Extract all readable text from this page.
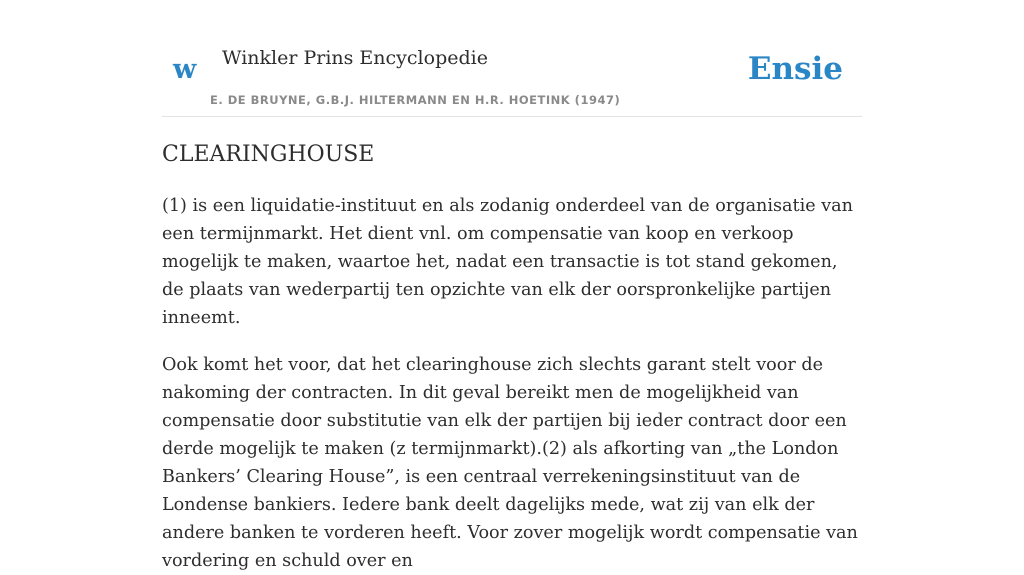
w Winkler Prins Encyclopedie
E. DE BRUYNE, G.B.J. HILTERMANN EN H.R. HOETINK (1947)
Ensie
CLEARINGHOUSE

(1) is een liquidatie-instituut en als zodanig onderdeel van de organisatie van een termijnmarkt. Het dient vnl. om compensatie van koop en verkoop mogelijk te maken, waartoe het, nadat een transactie is tot stand gekomen, de plaats van wederpartij ten opzichte van elk der oorspronkelijke partijen inneemt.

Ook komt het voor, dat het clearinghouse zich slechts garant stelt voor de nakoming der contracten. In dit geval bereikt men de mogelijkheid van compensatie door substitutie van elk der partijen bij ieder contract door een derde mogelijk te maken (z termijnmarkt).(2) als afkorting van „the London Bankers’ Clearing House”, is een centraal verrekeningsinstituut van de Londense bankiers. Iedere bank deelt dagelijks mede, wat zij van elk der andere banken te vorderen heeft. Voor zover mogelijk wordt compensatie van vordering en schuld over en
